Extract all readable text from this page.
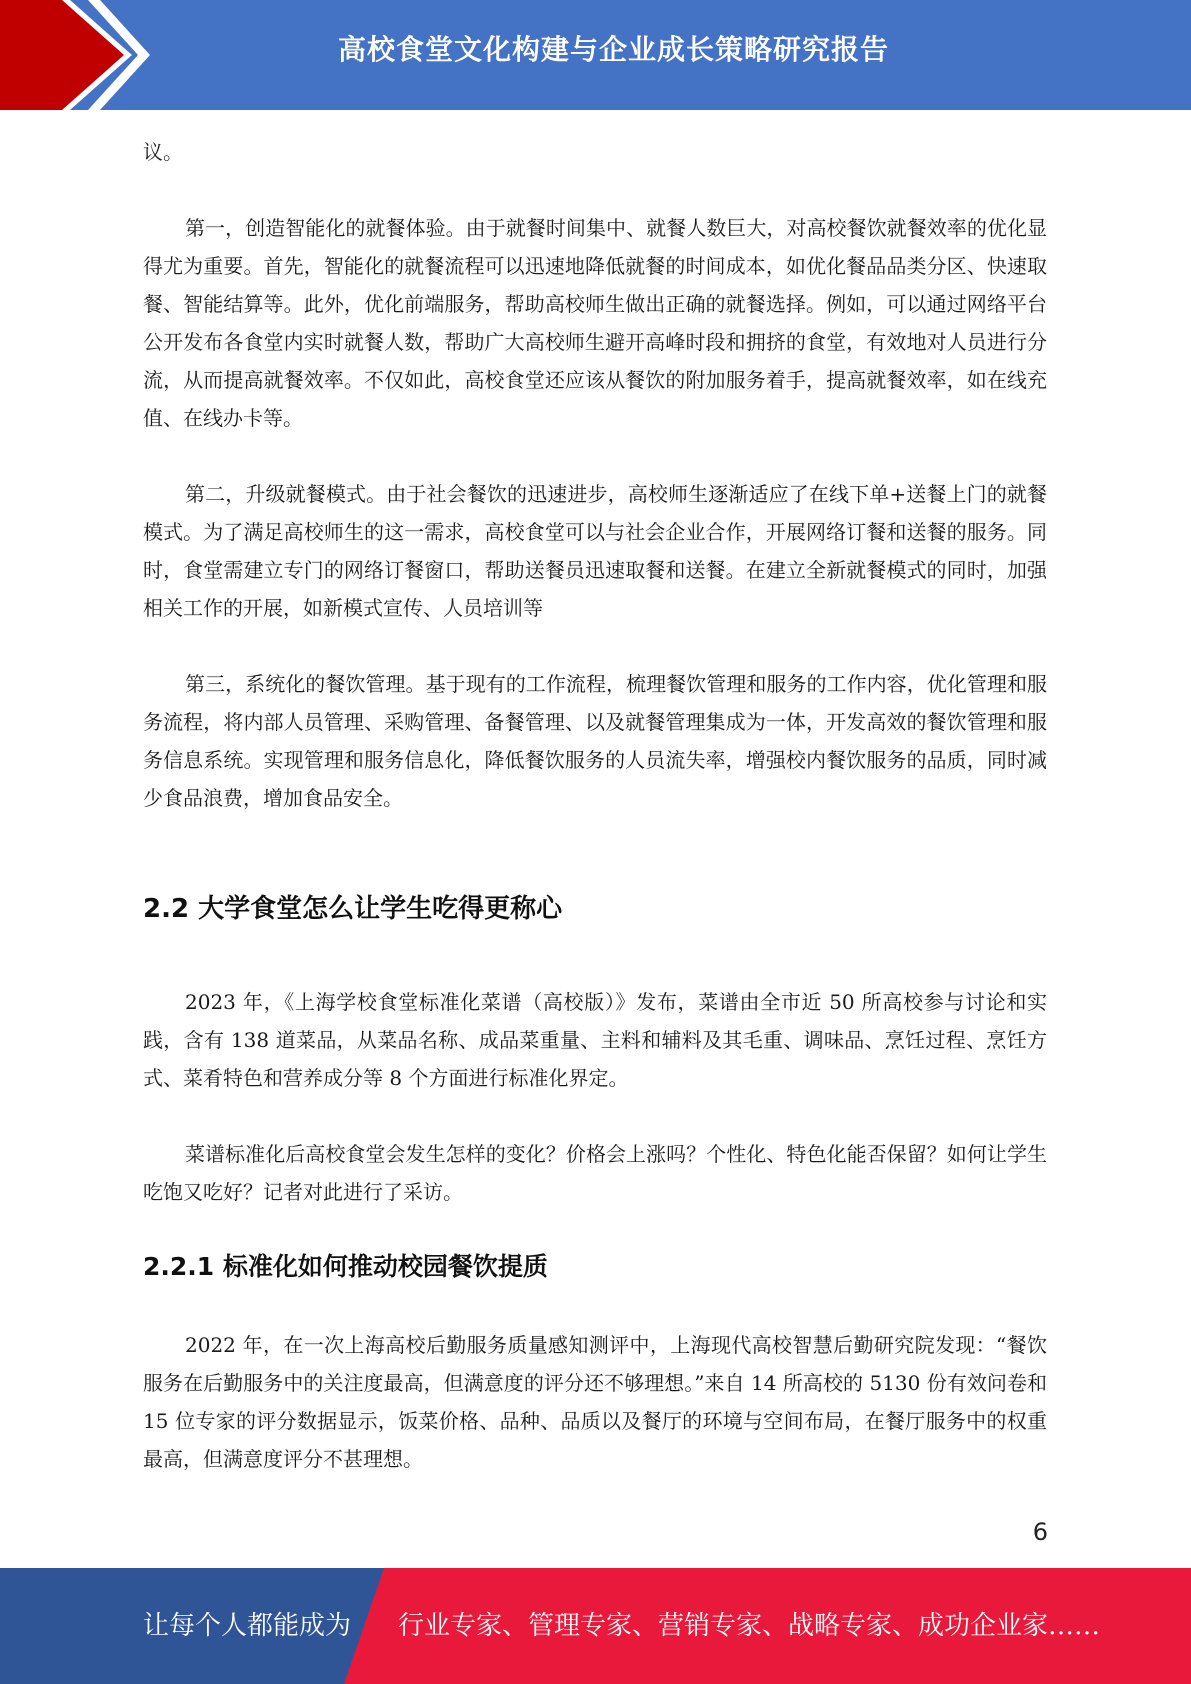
高校食堂文化构建与企业成长策略研究报告

议。

第一，创造智能化的就餐体验。由于就餐时间集中、就餐人数巨大，对高校餐饮就餐效率的优化显得尤为重要。首先，智能化的就餐流程可以迅速地降低就餐的时间成本，如优化餐品品类分区、快速取餐、智能结算等。此外，优化前端服务，帮助高校师生做出正确的就餐选择。例如，可以通过网络平台公开发布各食堂内实时就餐人数，帮助广大高校师生避开高峰时段和拥挤的食堂，有效地对人员进行分流，从而提高就餐效率。不仅如此，高校食堂还应该从餐饮的附加服务着手，提高就餐效率，如在线充值、在线办卡等。

第二，升级就餐模式。由于社会餐饮的迅速进步，高校师生逐渐适应了在线下单+送餐上门的就餐模式。为了满足高校师生的这一需求，高校食堂可以与社会企业合作，开展网络订餐和送餐的服务。同时，食堂需建立专门的网络订餐窗口，帮助送餐员迅速取餐和送餐。在建立全新就餐模式的同时，加强相关工作的开展，如新模式宣传、人员培训等

第三，系统化的餐饮管理。基于现有的工作流程，梳理餐饮管理和服务的工作内容，优化管理和服务流程，将内部人员管理、采购管理、备餐管理、以及就餐管理集成为一体，开发高效的餐饮管理和服务信息系统。实现管理和服务信息化，降低餐饮服务的人员流失率，增强校内餐饮服务的品质，同时减少食品浪费，增加食品安全。

2.2 大学食堂怎么让学生吃得更称心

2023 年，《上海学校食堂标准化菜谱（高校版）》发布，菜谱由全市近 50 所高校参与讨论和实践，含有 138 道菜品，从菜品名称、成品菜重量、主料和辅料及其毛重、调味品、烹饪过程、烹饪方式、菜肴特色和营养成分等 8 个方面进行标准化界定。

菜谱标准化后高校食堂会发生怎样的变化？价格会上涨吗？个性化、特色化能否保留？如何让学生吃饱又吃好？记者对此进行了采访。

2.2.1 标准化如何推动校园餐饮提质

2022 年，在一次上海高校后勤服务质量感知测评中，上海现代高校智慧后勤研究院发现：“餐饮服务在后勤服务中的关注度最高，但满意度的评分还不够理想。”来自 14 所高校的 5130 份有效问卷和 15 位专家的评分数据显示，饭菜价格、品种、品质以及餐厅的环境与空间布局，在餐厅服务中的权重最高，但满意度评分不甚理想。

6
让每个人都能成为 行业专家、管理专家、营销专家、战略专家、成功企业家……
